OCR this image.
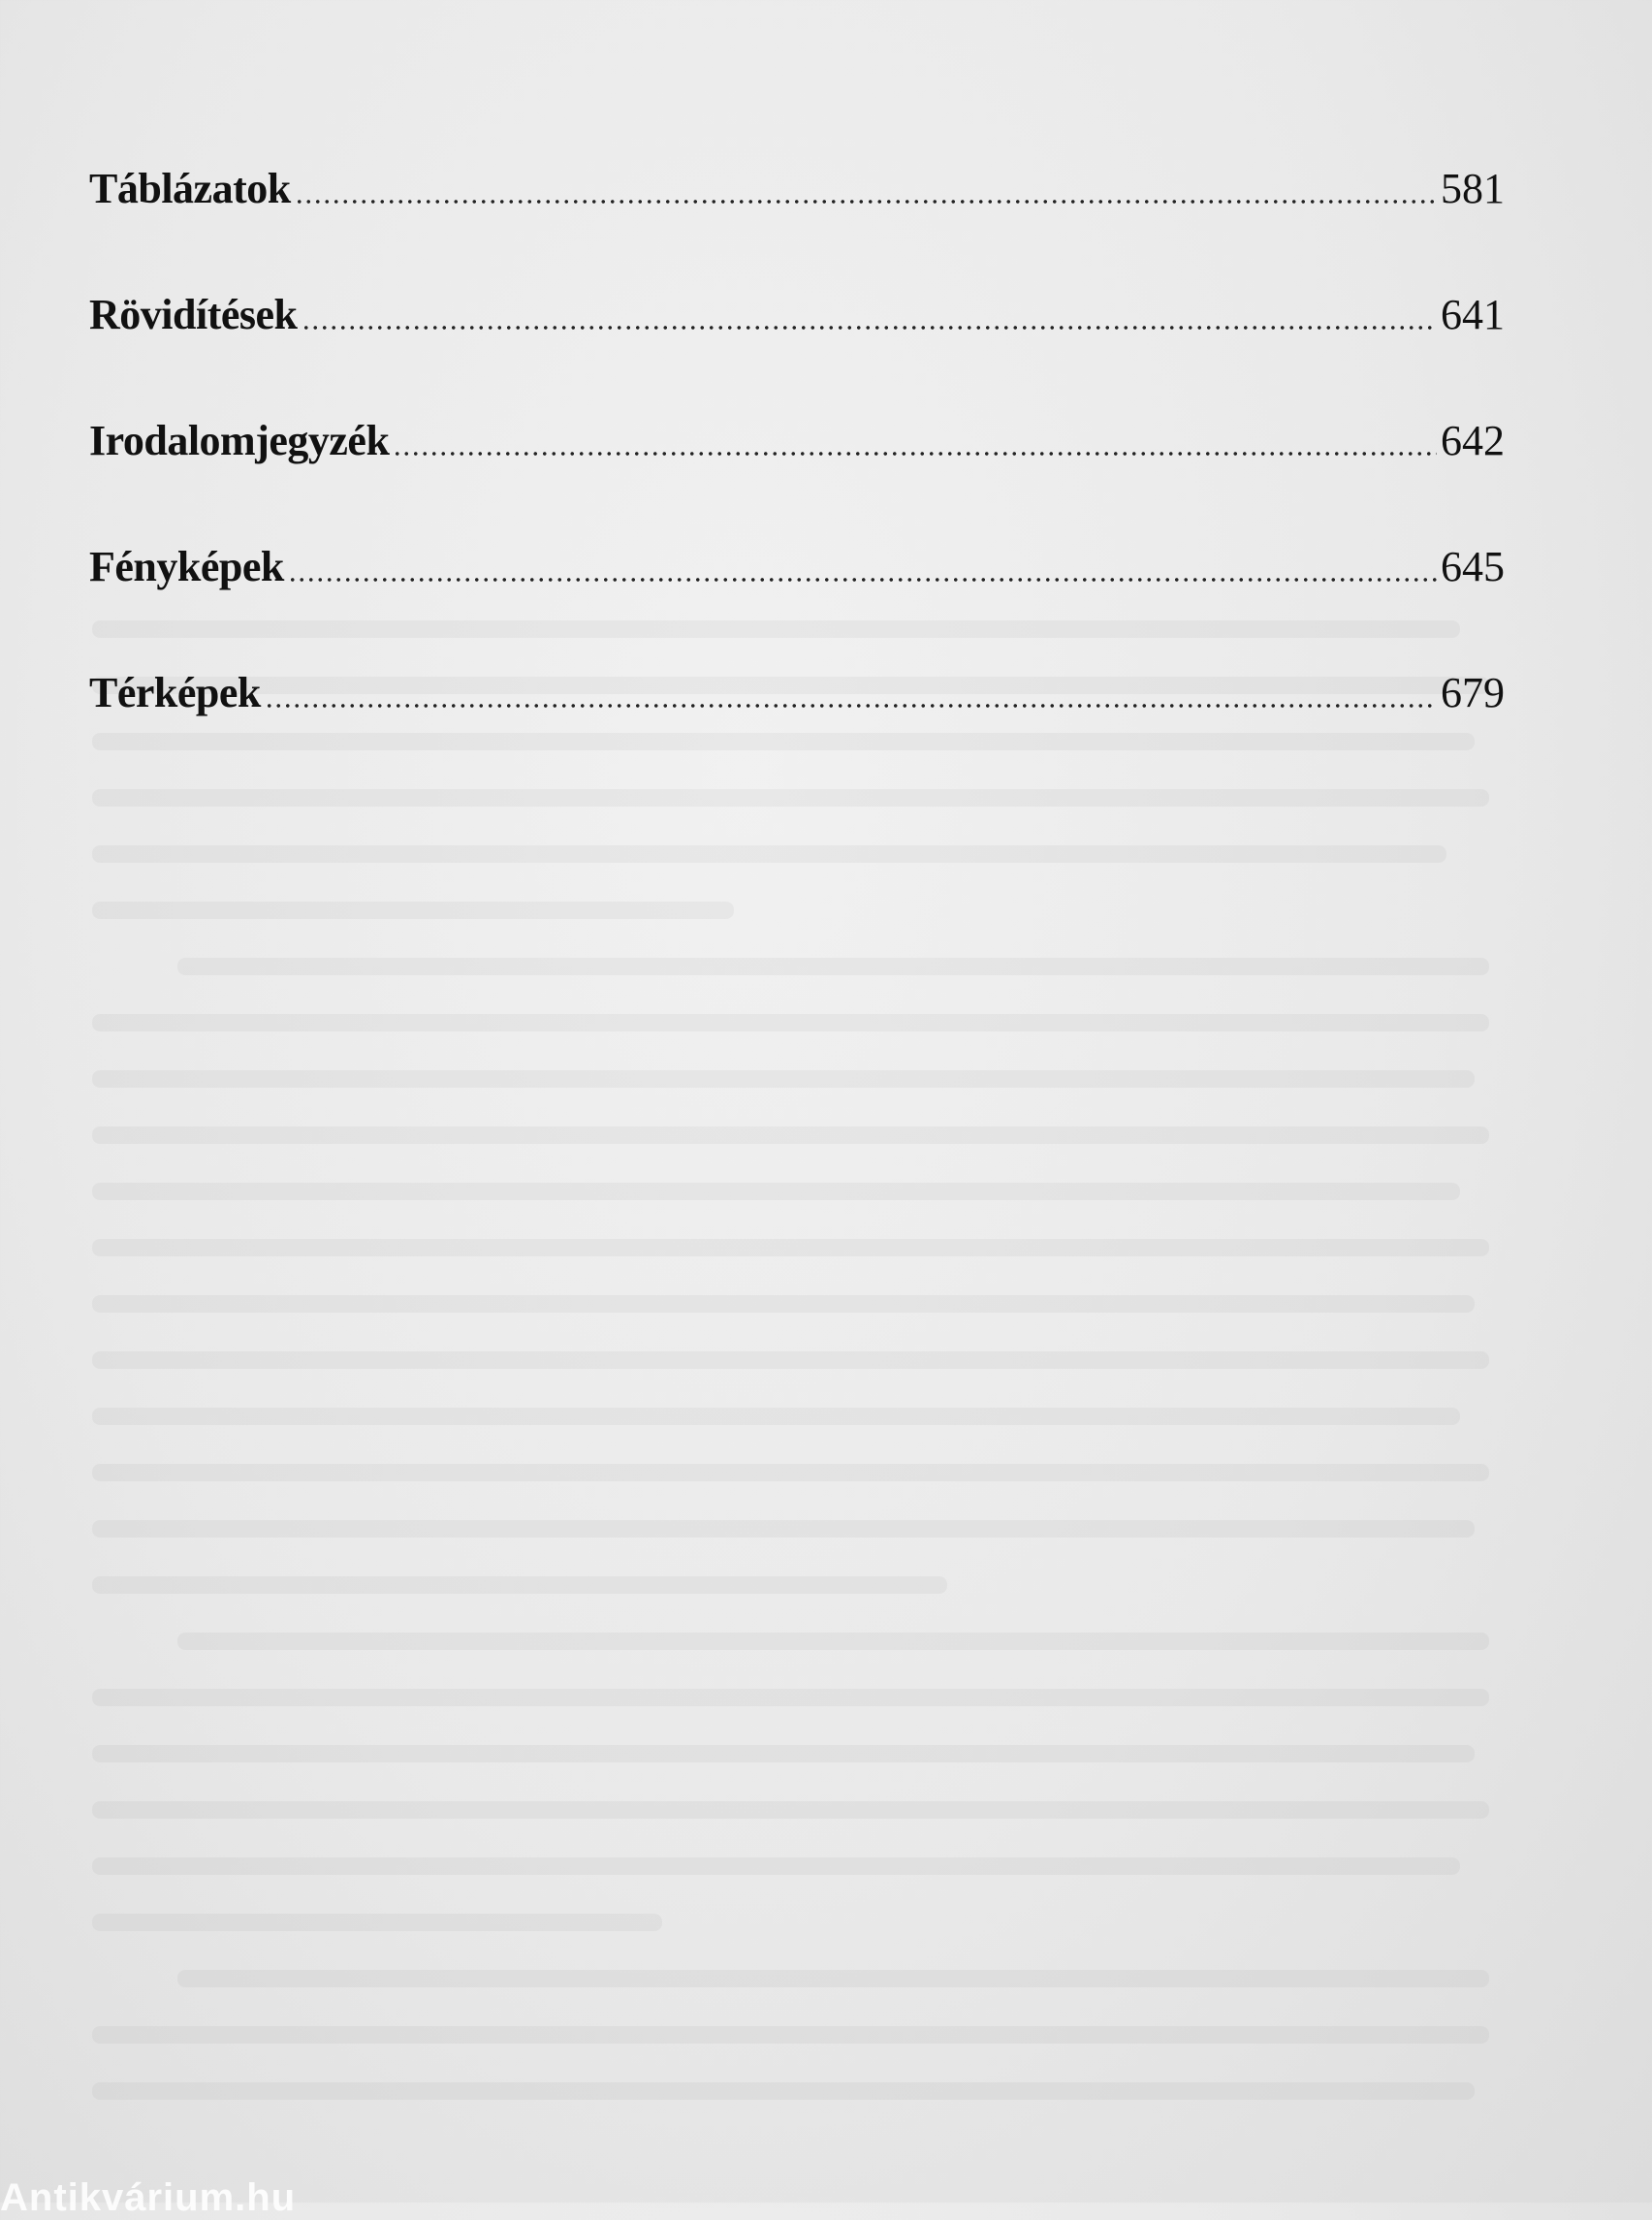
Táblázatok	581
Rövidítések	641
Irodalomjegyzék	642
Fényképek	645
Térképek	679
Antikvárium.hu
